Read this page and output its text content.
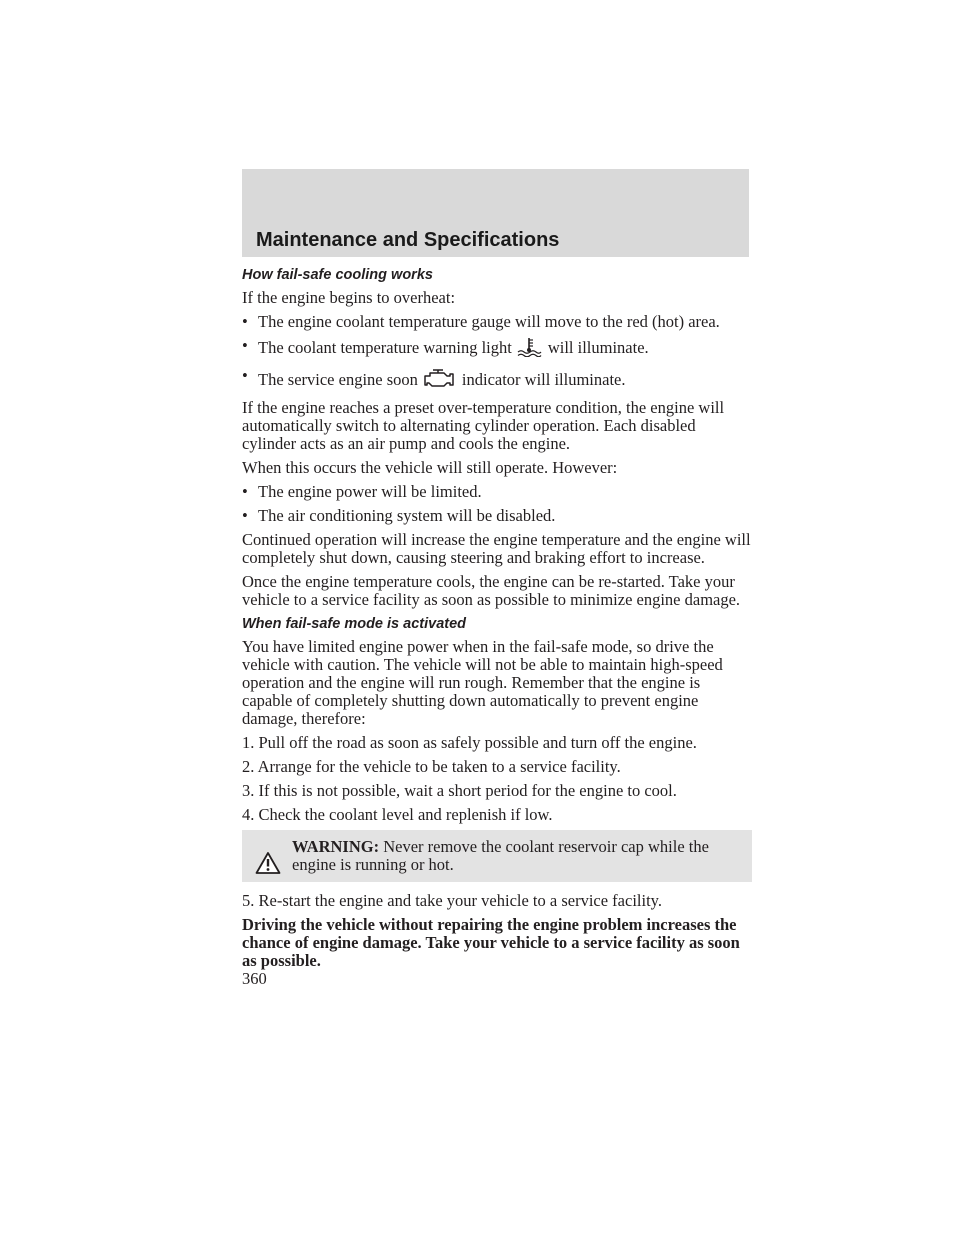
Maintenance and Specifications
How fail-safe cooling works

If the engine begins to overheat:

• The engine coolant temperature gauge will move to the red (hot) area.
• The coolant temperature warning light will illuminate.
• The service engine soon	indicator will illuminate.

If the engine reaches a preset over-temperature condition, the engine will automatically switch to alternating cylinder operation. Each disabled cylinder acts as an air pump and cools the engine.

When this occurs the vehicle will still operate. However:

• The engine power will be limited.
• The air conditioning system will be disabled.

Continued operation will increase the engine temperature and the engine will completely shut down, causing steering and braking effort to increase.

Once the engine temperature cools, the engine can be re-started. Take your vehicle to a service facility as soon as possible to minimize engine damage.

When fail-safe mode is activated

You have limited engine power when in the fail-safe mode, so drive the vehicle with caution. The vehicle will not be able to maintain high-speed operation and the engine will run rough. Remember that the engine is capable of completely shutting down automatically to prevent engine damage, therefore:

1. Pull off the road as soon as safely possible and turn off the engine.

2. Arrange for the vehicle to be taken to a service facility.

3. If this is not possible, wait a short period for the engine to cool.

4. Check the coolant level and replenish if low.

WARNING: Never remove the coolant reservoir cap while the engine is running or hot.

5. Re-start the engine and take your vehicle to a service facility.

Driving the vehicle without repairing the engine problem increases the chance of engine damage. Take your vehicle to a service facility as soon as possible.

360
